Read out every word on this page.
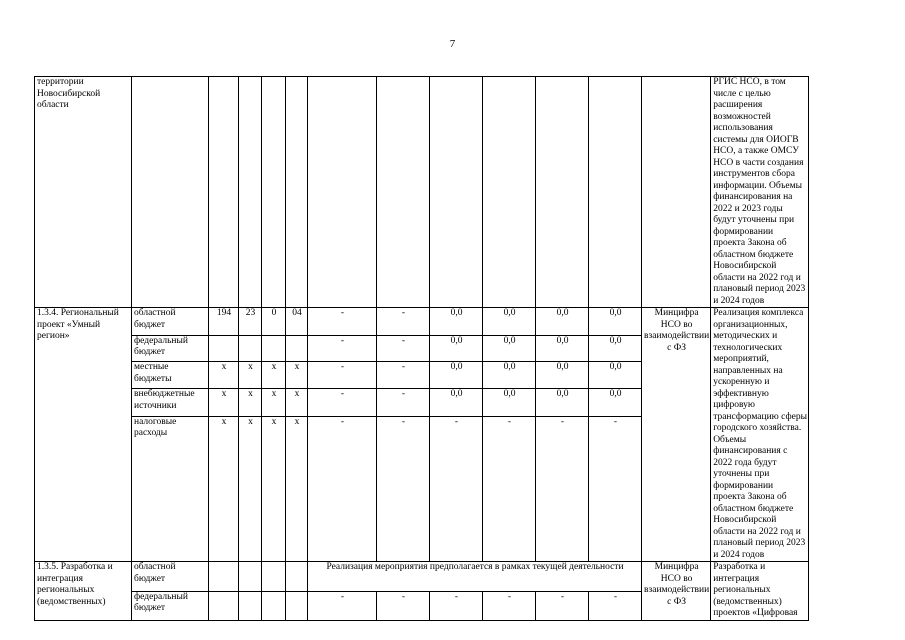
7
территории Новосибирской области													РГИС НСО, в том числе с целью расширения возможностей использования системы для ОИОГВ НСО, а также ОМСУ НСО в части создания инструментов сбора информации. Объемы финансирования на 2022 и 2023 годы будут уточнены при формировании проекта Закона об областном бюджете Новосибирской области на 2022 год и плановый период 2023 и 2024 годов
1.3.4. Региональный проект «Умный регион»	областной бюджет	194	23	0	04	-	-	0,0	0,0	0,0	0,0	Минцифра НСО во взаимодействии с ФЗ	Реализация комплекса организационных, методических и технологических мероприятий, направленных на ускоренную и эффективную цифровую трансформацию сферы городского хозяйства. Объемы финансирования с 2022 года будут уточнены при формировании проекта Закона об областном бюджете Новосибирской области на 2022 год и плановый период 2023 и 2024 годов
	федеральный бюджет					-	-	0,0	0,0	0,0	0,0		
	местные бюджеты	x	x	x	x	-	-	0,0	0,0	0,0	0,0		
	внебюджетные источники	x	x	x	x	-	-	0,0	0,0	0,0	0,0		
	налоговые расходы	x	x	x	x	-	-	-	-	-	-		
1.3.5. Разработка и интеграция региональных (ведомственных)	областной бюджет					Реализация мероприятия предполагается в рамках текущей деятельности						Минцифра НСО во взаимодействии с ФЗ	Разработка и интеграция региональных (ведомственных) проектов «Цифровая
	федеральный бюджет					-	-	-	-	-	-		
